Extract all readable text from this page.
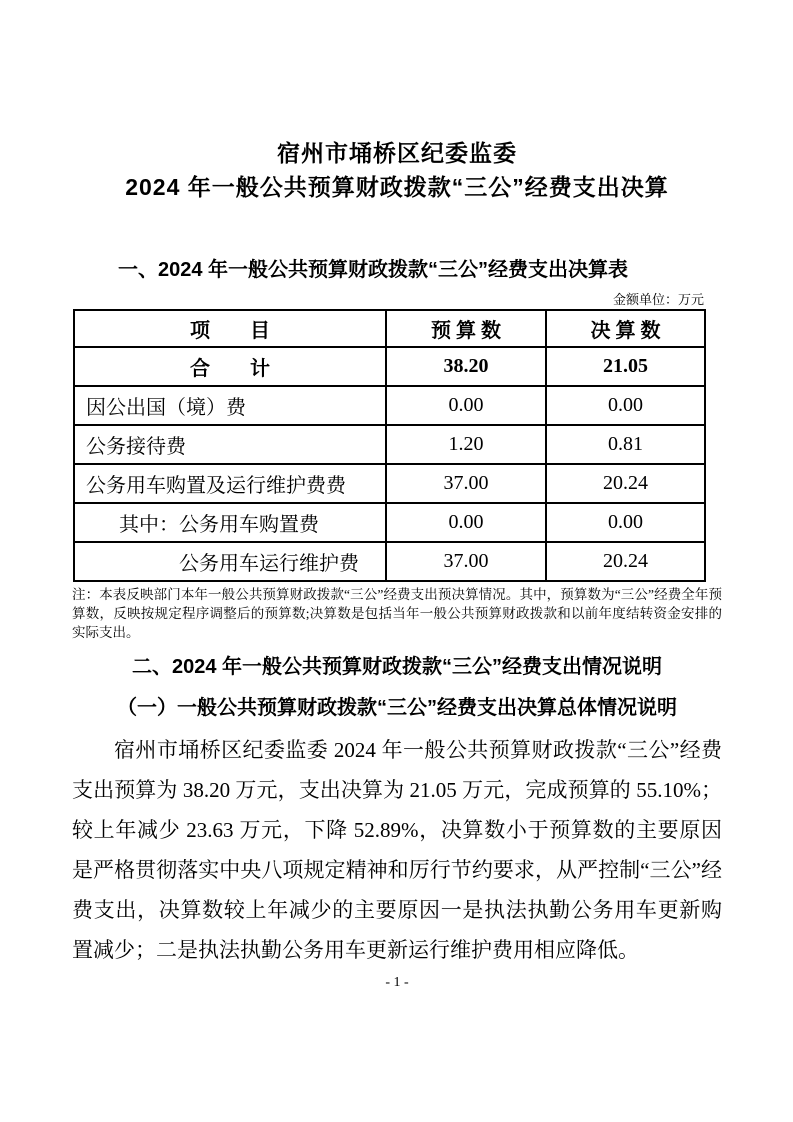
宿州市埇桥区纪委监委
2024 年一般公共预算财政拨款“三公”经费支出决算
一、2024 年一般公共预算财政拨款“三公”经费支出决算表
金额单位：万元
项　　目	预 算 数	决 算 数
合　　计	38.20	21.05
因公出国（境）费	0.00	0.00
公务接待费	1.20	0.81
公务用车购置及运行维护费费	37.00	20.24
其中：公务用车购置费	0.00	0.00
公务用车运行维护费	37.00	20.24
注：本表反映部门本年一般公共预算财政拨款“三公”经费支出预决算情况。其中，预算数为“三公”经费全年预算数，反映按规定程序调整后的预算数;决算数是包括当年一般公共预算财政拨款和以前年度结转资金安排的实际支出。
二、2024 年一般公共预算财政拨款“三公”经费支出情况说明
（一）一般公共预算财政拨款“三公”经费支出决算总体情况说明
宿州市埇桥区纪委监委 2024 年一般公共预算财政拨款“三公”经费支出预算为 38.20 万元，支出决算为 21.05 万元，完成预算的 55.10%；较上年减少 23.63 万元，下降 52.89%，决算数小于预算数的主要原因是严格贯彻落实中央八项规定精神和厉行节约要求，从严控制“三公”经费支出，决算数较上年减少的主要原因一是执法执勤公务用车更新购置减少；二是执法执勤公务用车更新运行维护费用相应降低。
- 1 -
